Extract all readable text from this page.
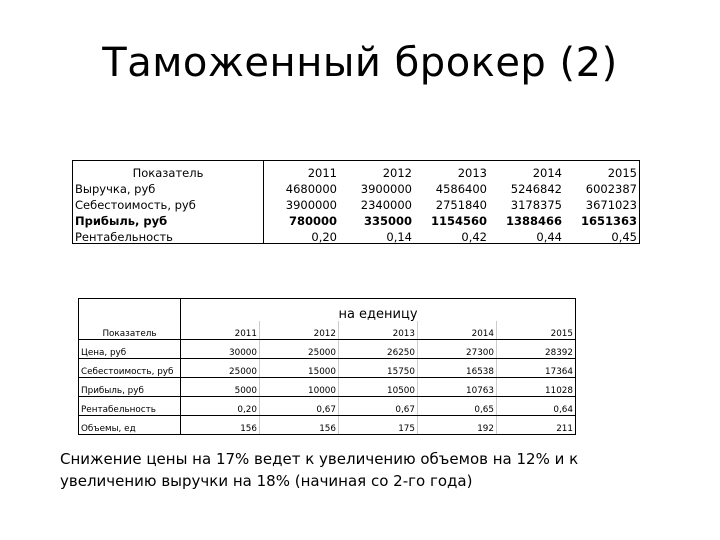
Таможенный брокер (2)
Показатель	2011	2012	2013	2014	2015
Выручка, руб	4680000	3900000	4586400	5246842	6002387
Себестоимость, руб	3900000	2340000	2751840	3178375	3671023
Прибыль, руб	780000	335000	1154560	1388466	1651363
Рентабельность	0,20	0,14	0,42	0,44	0,45
	на еденицу				
Показатель	2011	2012	2013	2014	2015
Цена, руб	30000	25000	26250	27300	28392
Себестоимость, руб	25000	15000	15750	16538	17364
Прибыль, руб	5000	10000	10500	10763	11028
Рентабельность	0,20	0,67	0,67	0,65	0,64
Объемы, ед	156	156	175	192	211
Снижение цены на 17% ведет к увеличению объемов на 12% и к увеличению выручки на 18% (начиная со 2-го года)
